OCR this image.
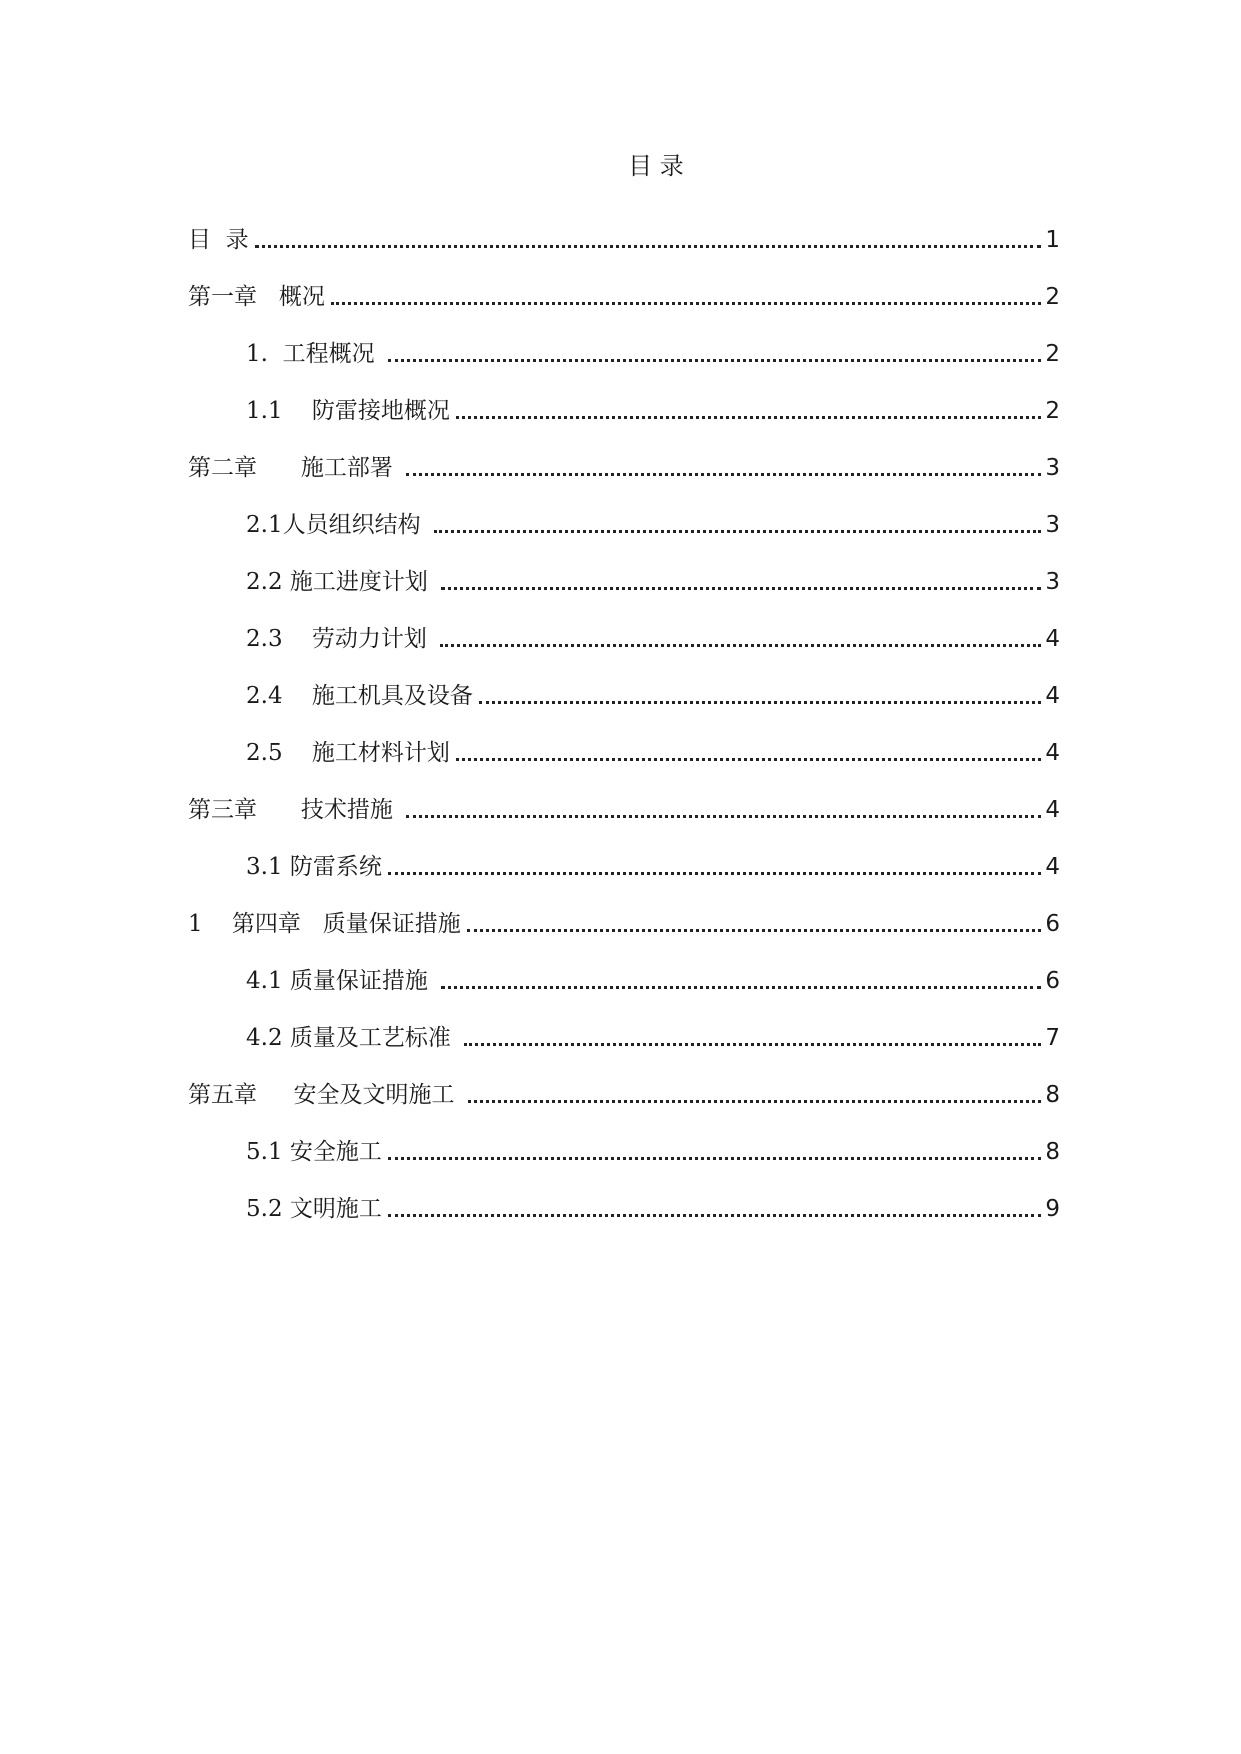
目 录
目  录	1
第一章   概况	2
1.  工程概况	2
1.1    防雷接地概况	2
第二章      施工部署	3
2.1人员组织结构	3
2.2 施工进度计划	3
2.3    劳动力计划	4
2.4    施工机具及设备	4
2.5    施工材料计划	4
第三章      技术措施	4
3.1 防雷系统	4
1    第四章   质量保证措施	6
4.1 质量保证措施	6
4.2 质量及工艺标准	7
第五章     安全及文明施工	8
5.1 安全施工	8
5.2 文明施工	9
